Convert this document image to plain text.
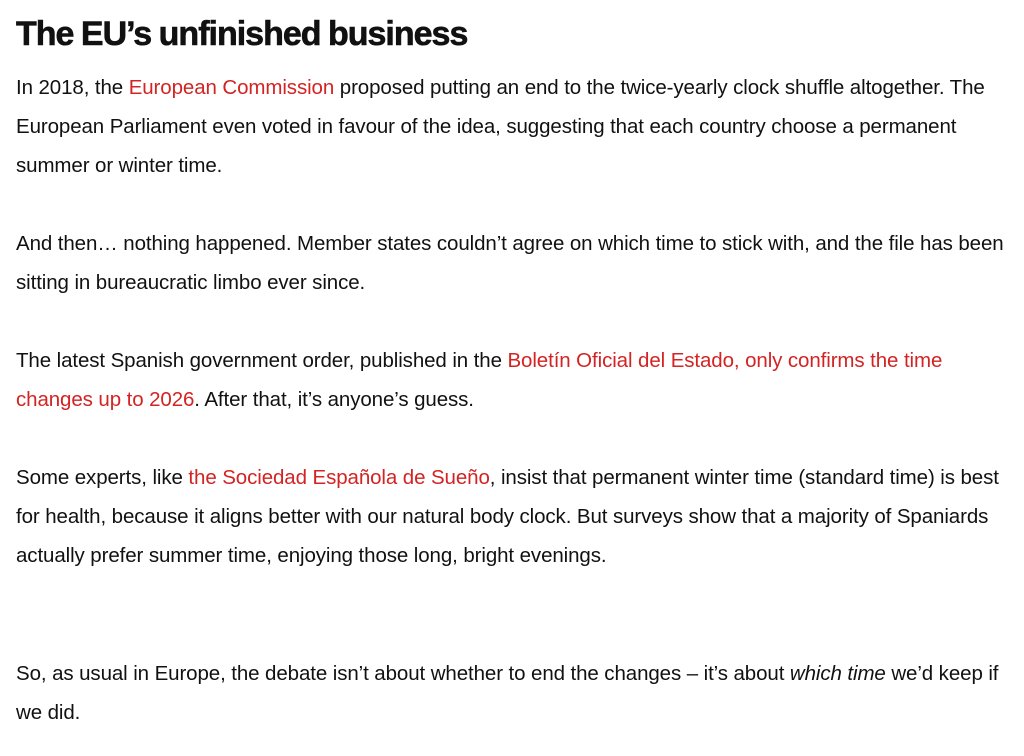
The EU’s unfinished business

In 2018, the European Commission proposed putting an end to the twice-yearly clock shuffle altogether. The European Parliament even voted in favour of the idea, suggesting that each country choose a permanent summer or winter time.

And then… nothing happened. Member states couldn’t agree on which time to stick with, and the file has been sitting in bureaucratic limbo ever since.

The latest Spanish government order, published in the Boletín Oficial del Estado, only confirms the time changes up to 2026. After that, it’s anyone’s guess.

Some experts, like the Sociedad Española de Sueño, insist that permanent winter time (standard time) is best for health, because it aligns better with our natural body clock. But surveys show that a majority of Spaniards actually prefer summer time, enjoying those long, bright evenings.

So, as usual in Europe, the debate isn’t about whether to end the changes – it’s about which time we’d keep if we did.
